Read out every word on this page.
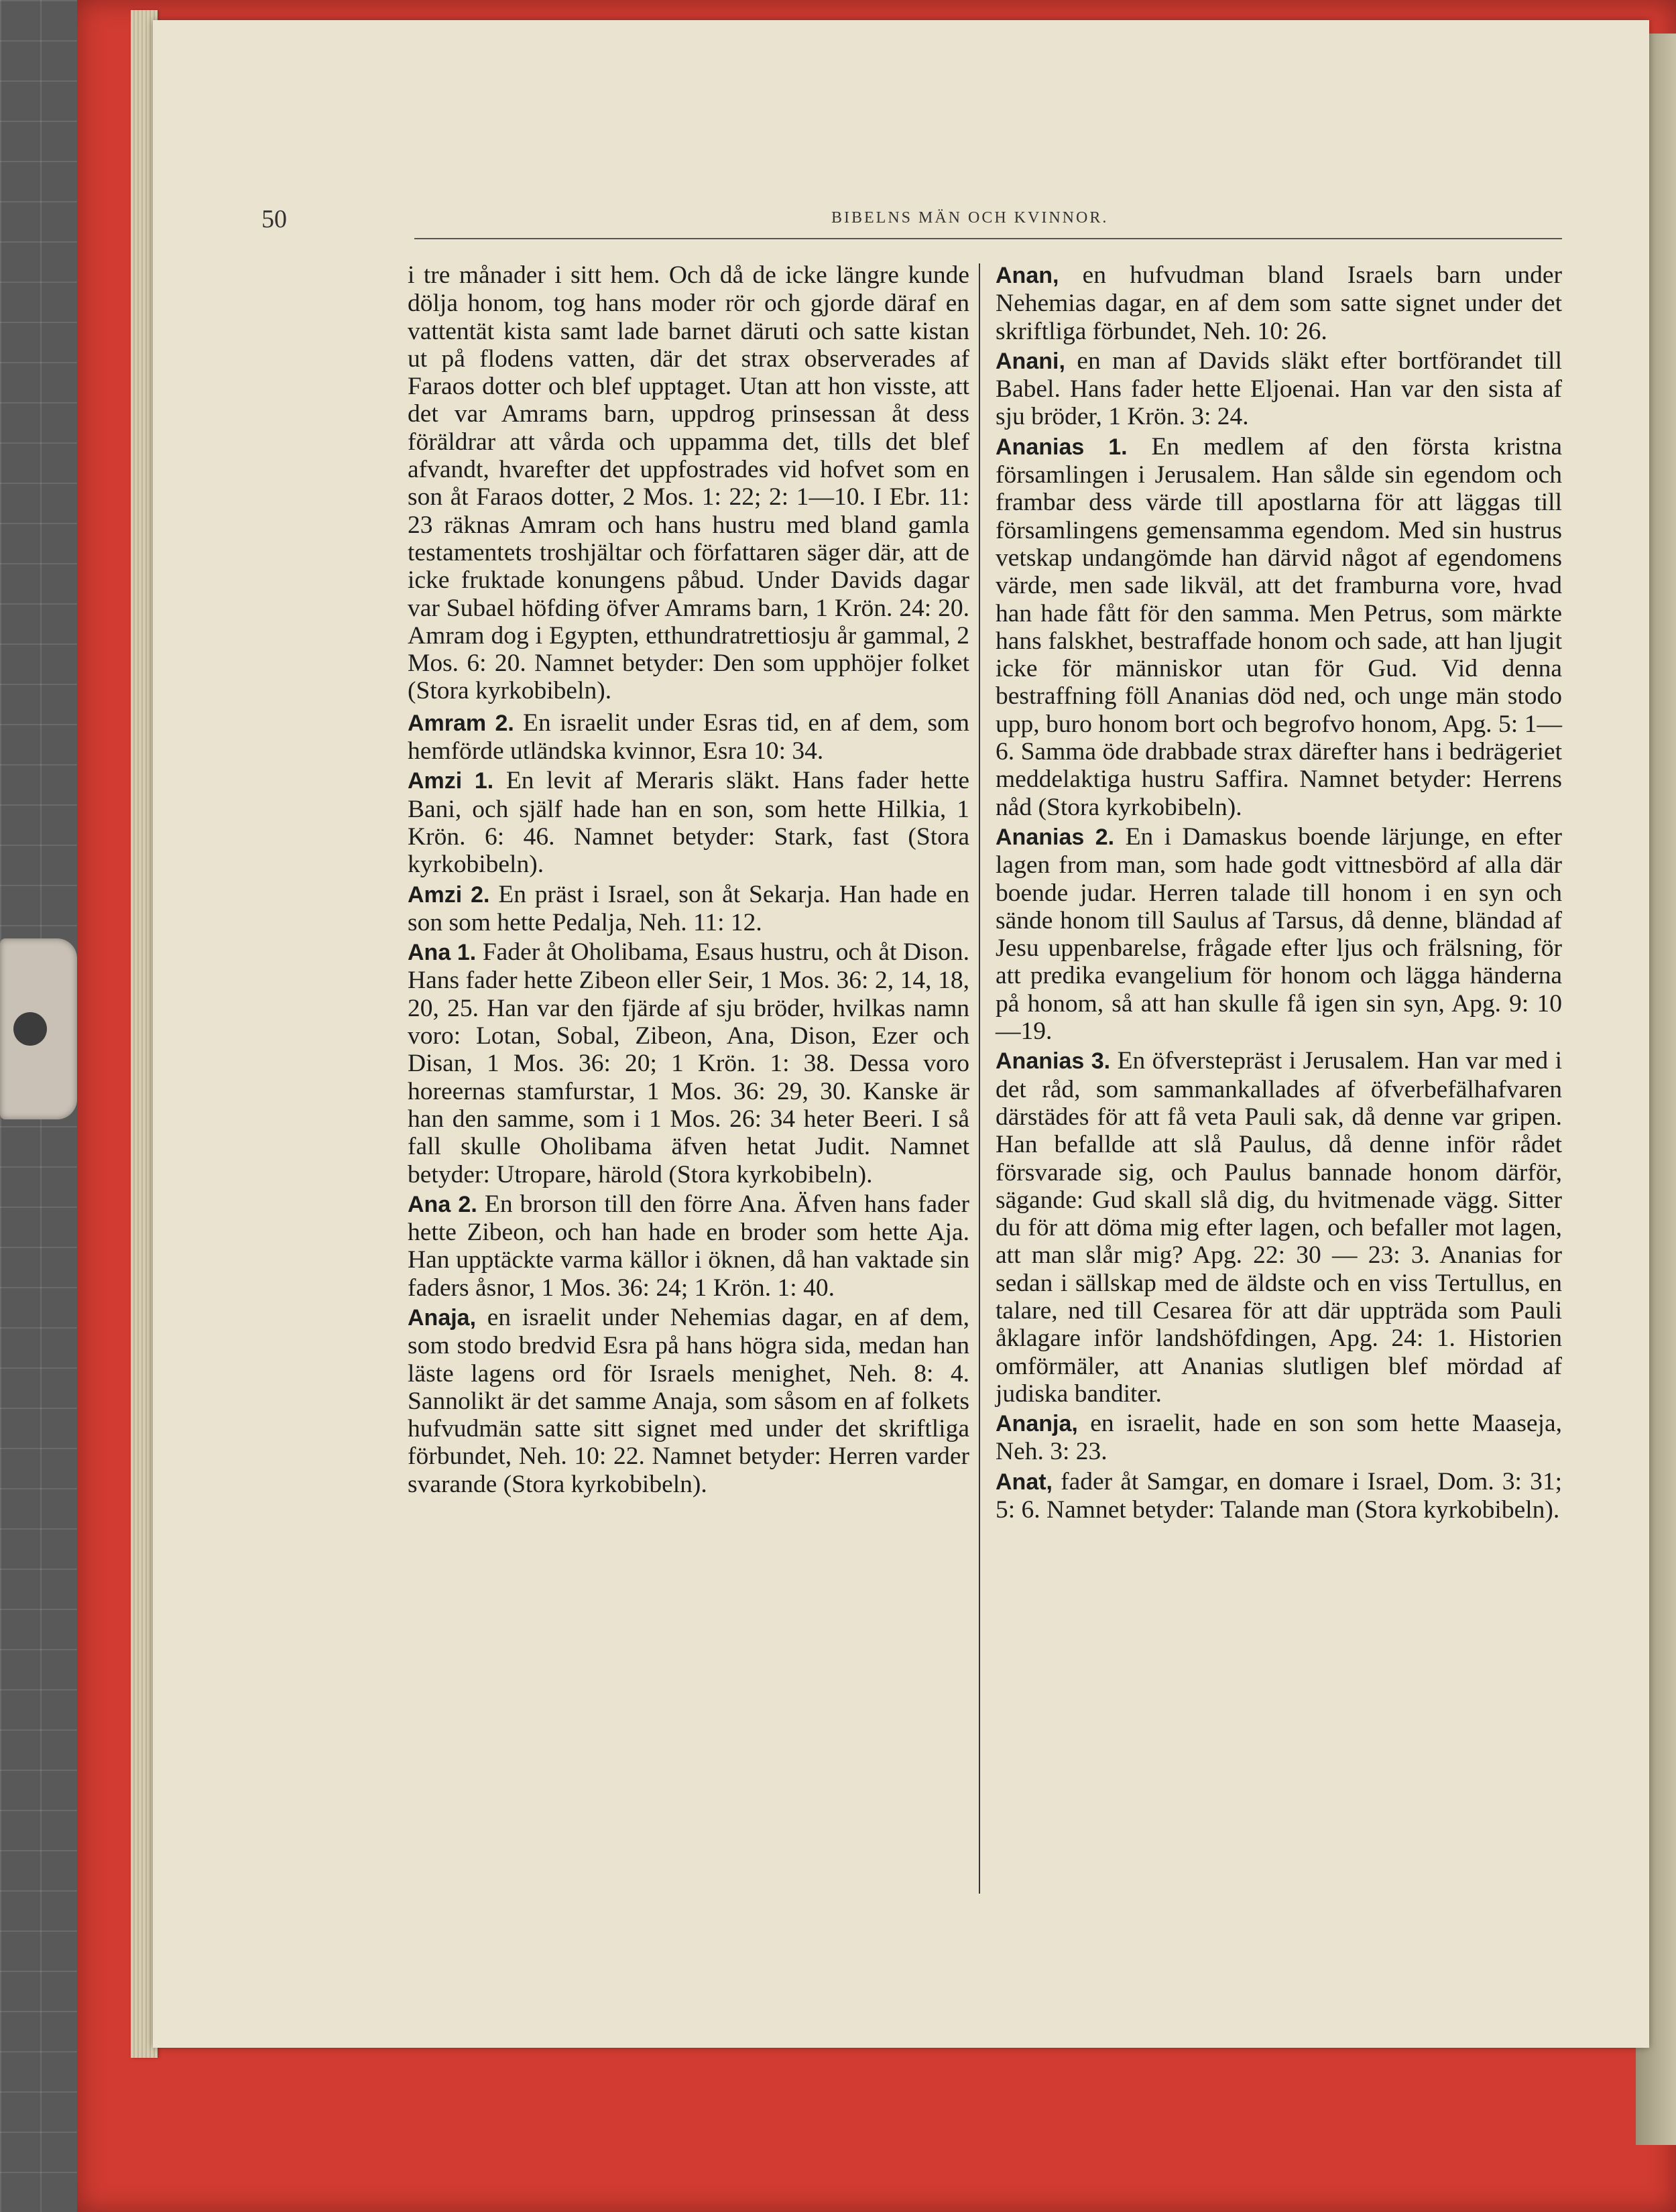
50	BIBELNS MÄN OCH KVINNOR.

i tre månader i sitt hem. Och då de icke längre kunde dölja honom, tog hans moder rör och gjorde däraf en vattentät kista samt lade barnet däruti och satte kistan ut på flodens vatten, där det strax observerades af Faraos dotter och blef upptaget. Utan att hon visste, att det var Amrams barn, uppdrog prinsessan åt dess föräldrar att vårda och uppamma det, tills det blef afvandt, hvarefter det uppfostrades vid hofvet som en son åt Faraos dotter, 2 Mos. 1: 22; 2: 1—10. I Ebr. 11: 23 räknas Amram och hans hustru med bland gamla testamentets troshjältar och författaren säger där, att de icke fruktade konungens påbud. Under Davids dagar var Subael höfding öfver Amrams barn, 1 Krön. 24: 20. Amram dog i Egypten, etthundratrettiosju år gammal, 2 Mos. 6: 20. Namnet betyder: Den som upphöjer folket (Stora kyrkobibeln).

Amram 2. En israelit under Esras tid, en af dem, som hemförde utländska kvinnor, Esra 10: 34.

Amzi 1. En levit af Meraris släkt. Hans fader hette Bani, och själf hade han en son, som hette Hilkia, 1 Krön. 6: 46. Namnet betyder: Stark, fast (Stora kyrkobibeln).

Amzi 2. En präst i Israel, son åt Sekarja. Han hade en son som hette Pedalja, Neh. 11: 12.

Ana 1. Fader åt Oholibama, Esaus hustru, och åt Dison. Hans fader hette Zibeon eller Seir, 1 Mos. 36: 2, 14, 18, 20, 25. Han var den fjärde af sju bröder, hvilkas namn voro: Lotan, Sobal, Zibeon, Ana, Dison, Ezer och Disan, 1 Mos. 36: 20; 1 Krön. 1: 38. Dessa voro horeernas stamfurstar, 1 Mos. 36: 29, 30. Kanske är han den samme, som i 1 Mos. 26: 34 heter Beeri. I så fall skulle Oholibama äfven hetat Judit. Namnet betyder: Utropare, härold (Stora kyrkobibeln).

Ana 2. En brorson till den förre Ana. Äfven hans fader hette Zibeon, och han hade en broder som hette Aja. Han upptäckte varma källor i öknen, då han vaktade sin faders åsnor, 1 Mos. 36: 24; 1 Krön. 1: 40.

Anaja, en israelit under Nehemias dagar, en af dem, som stodo bredvid Esra på hans högra sida, medan han läste lagens ord för Israels menighet, Neh. 8: 4. Sannolikt är det samme Anaja, som såsom en af folkets hufvudmän satte sitt signet med under det skriftliga förbundet, Neh. 10: 22. Namnet betyder: Herren varder svarande (Stora kyrkobibeln).

Anan, en hufvudman bland Israels barn under Nehemias dagar, en af dem som satte signet under det skriftliga förbundet, Neh. 10: 26.

Anani, en man af Davids släkt efter bortförandet till Babel. Hans fader hette Eljoenai. Han var den sista af sju bröder, 1 Krön. 3: 24.

Ananias 1. En medlem af den första kristna församlingen i Jerusalem. Han sålde sin egendom och frambar dess värde till apostlarna för att läggas till församlingens gemensamma egendom. Med sin hustrus vetskap undangömde han därvid något af egendomens värde, men sade likväl, att det framburna vore, hvad han hade fått för den samma. Men Petrus, som märkte hans falskhet, bestraffade honom och sade, att han ljugit icke för människor utan för Gud. Vid denna bestraffning föll Ananias död ned, och unge män stodo upp, buro honom bort och begrofvo honom, Apg. 5: 1—6. Samma öde drabbade strax därefter hans i bedrägeriet meddelaktiga hustru Saffira. Namnet betyder: Herrens nåd (Stora kyrkobibeln).

Ananias 2. En i Damaskus boende lärjunge, en efter lagen from man, som hade godt vittnesbörd af alla där boende judar. Herren talade till honom i en syn och sände honom till Saulus af Tarsus, då denne, bländad af Jesu uppenbarelse, frågade efter ljus och frälsning, för att predika evangelium för honom och lägga händerna på honom, så att han skulle få igen sin syn, Apg. 9: 10—19.

Ananias 3. En öfverstepräst i Jerusalem. Han var med i det råd, som sammankallades af öfverbefälhafvaren därstädes för att få veta Pauli sak, då denne var gripen. Han befallde att slå Paulus, då denne inför rådet försvarade sig, och Paulus bannade honom därför, sägande: Gud skall slå dig, du hvitmenade vägg. Sitter du för att döma mig efter lagen, och befaller mot lagen, att man slår mig? Apg. 22: 30 — 23: 3. Ananias for sedan i sällskap med de äldste och en viss Tertullus, en talare, ned till Cesarea för att där uppträda som Pauli åklagare inför landshöfdingen, Apg. 24: 1. Historien omförmäler, att Ananias slutligen blef mördad af judiska banditer.

Ananja, en israelit, hade en son som hette Maaseja, Neh. 3: 23.

Anat, fader åt Samgar, en domare i Israel, Dom. 3: 31; 5: 6. Namnet betyder: Talande man (Stora kyrkobibeln).
